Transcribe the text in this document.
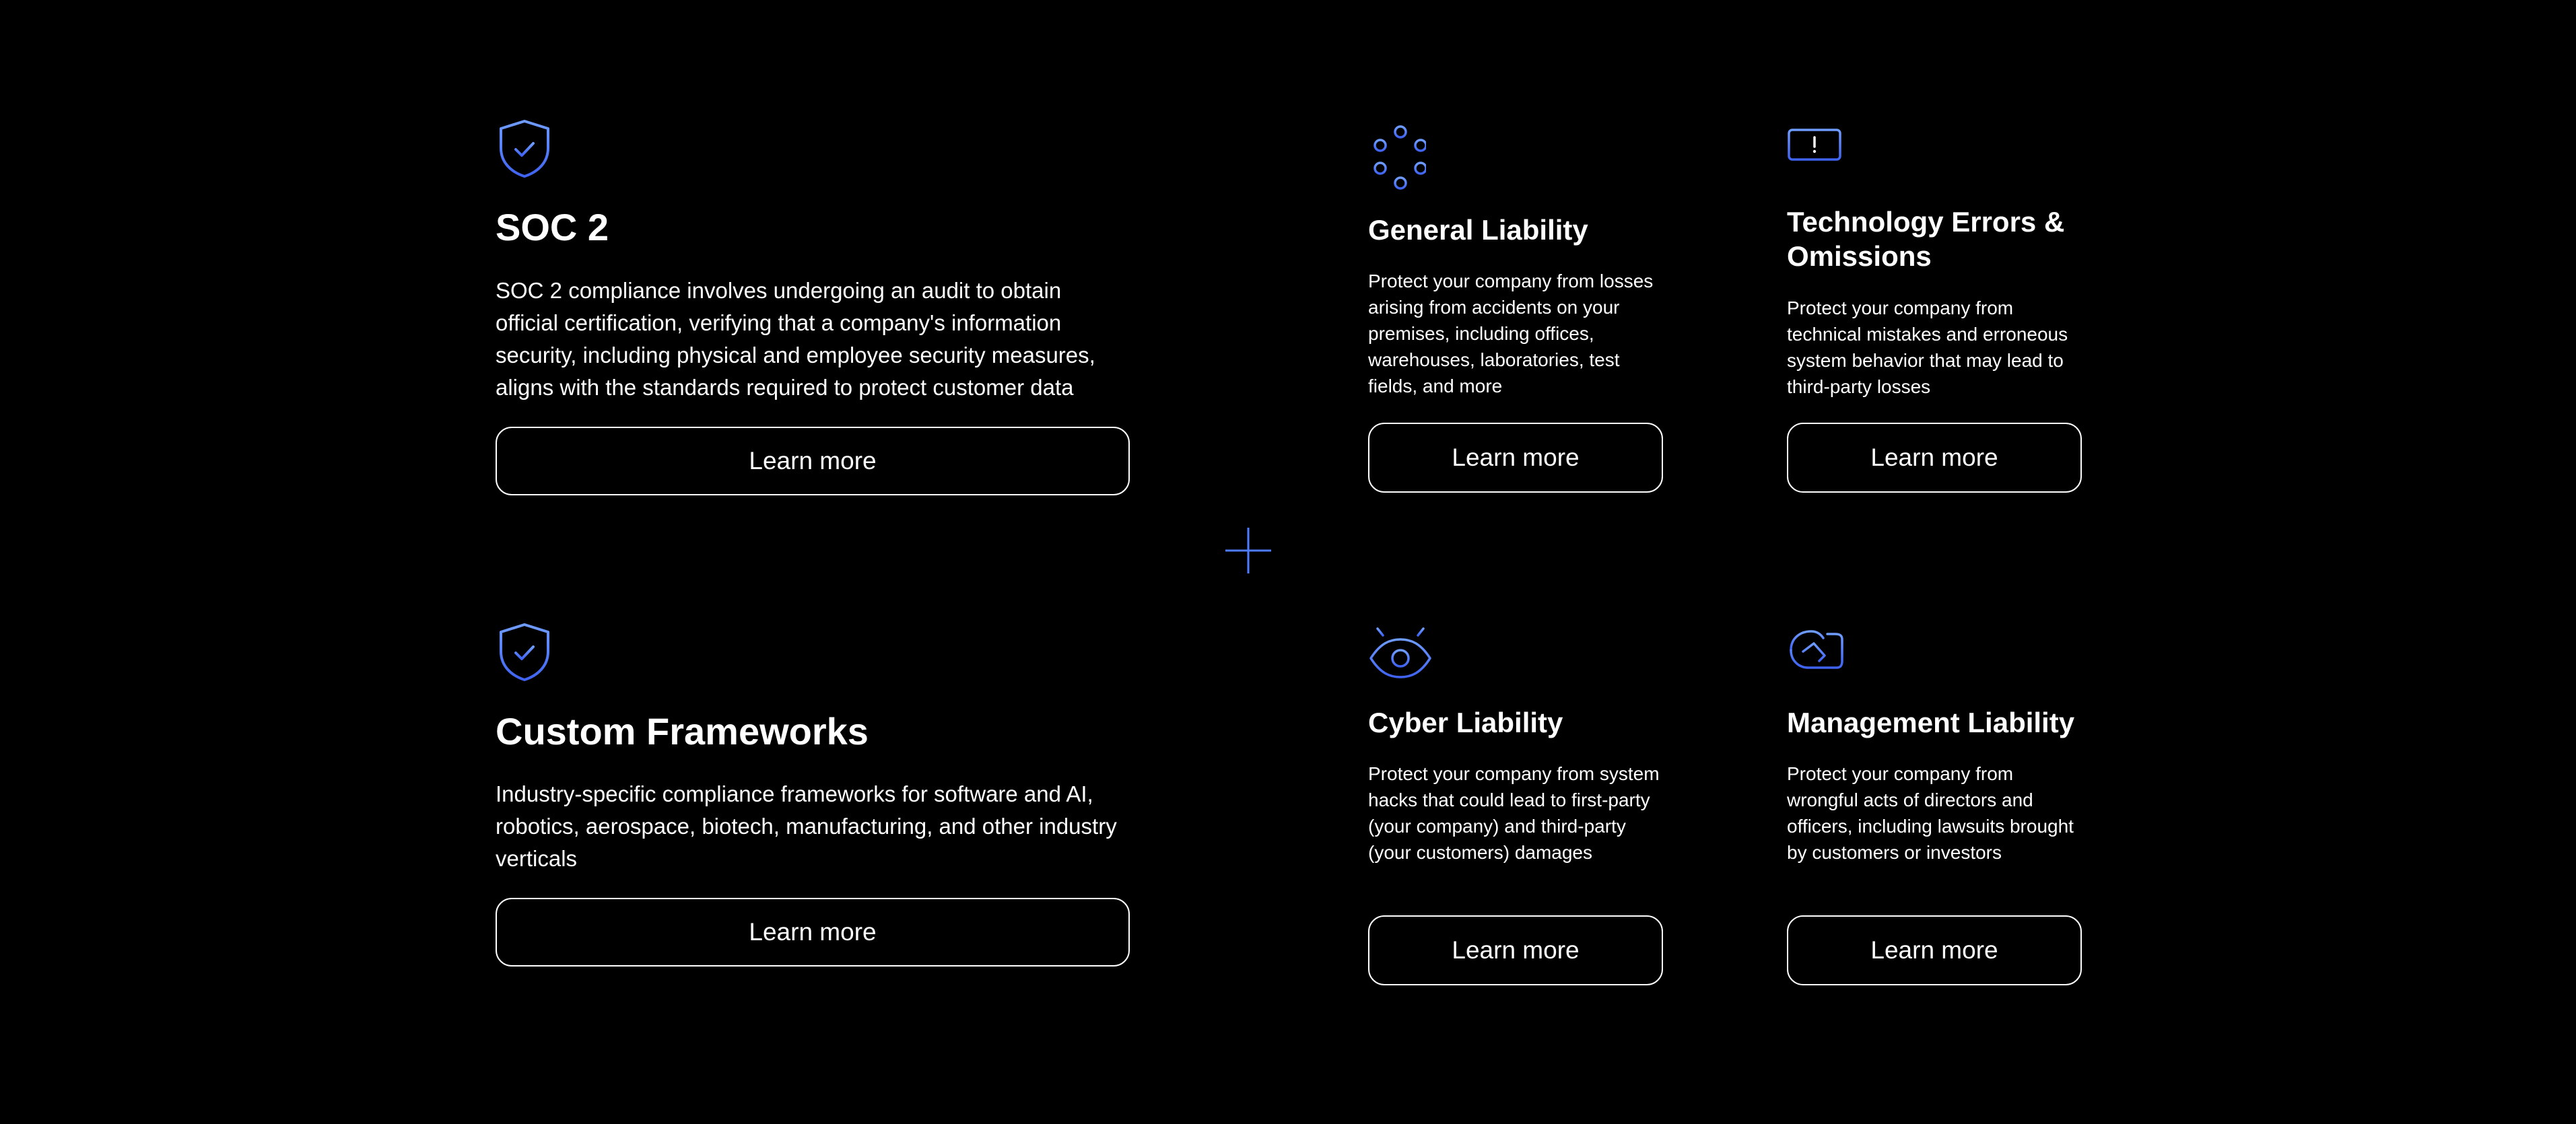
SOC 2

SOC 2 compliance involves undergoing an audit to obtain official certification, verifying that a company's information security, including physical and employee security measures, aligns with the standards required to protect customer data

Learn more
Custom Frameworks

Industry-specific compliance frameworks for software and AI, robotics, aerospace, biotech, manufacturing, and other industry verticals

Learn more
General Liability

Protect your company from losses arising from accidents on your premises, including offices, warehouses, laboratories, test fields, and more

Learn more
Technology Errors & Omissions

Protect your company from technical mistakes and erroneous system behavior that may lead to third-party losses

Learn more
Cyber Liability

Protect your company from system hacks that could lead to first-party (your company) and third-party (your customers) damages

Learn more
Management Liability

Protect your company from wrongful acts of directors and officers, including lawsuits brought by customers or investors

Learn more
